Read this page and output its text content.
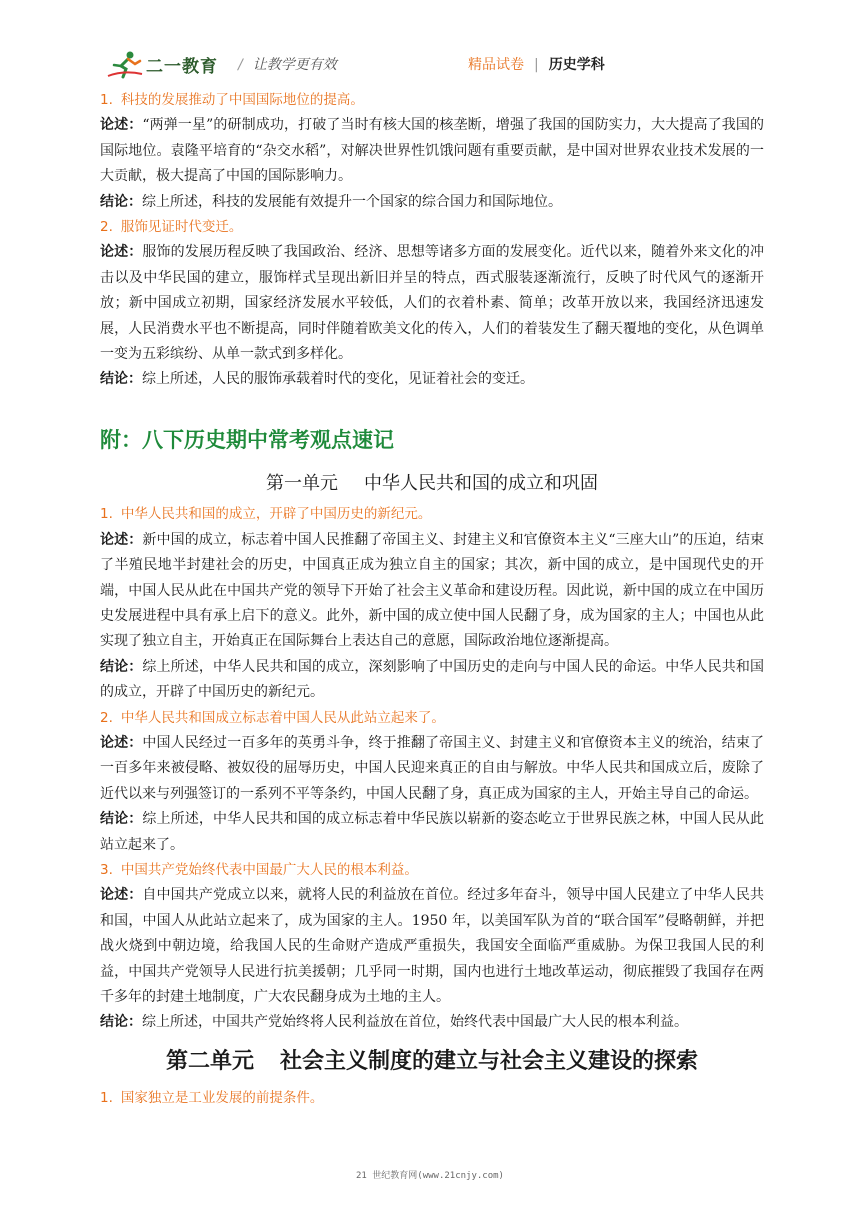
二一教育 / 让教学更有效	精品试卷 | 历史学科

1. 科技的发展推动了中国国际地位的提高。

论述：“两弹一星”的研制成功，打破了当时有核大国的核垄断，增强了我国的国防实力，大大提高了我国的国际地位。袁隆平培育的“杂交水稻”，对解决世界性饥饿问题有重要贡献，是中国对世界农业技术发展的一大贡献，极大提高了中国的国际影响力。

结论：综上所述，科技的发展能有效提升一个国家的综合国力和国际地位。

2. 服饰见证时代变迁。

论述：服饰的发展历程反映了我国政治、经济、思想等诸多方面的发展变化。近代以来，随着外来文化的冲击以及中华民国的建立，服饰样式呈现出新旧并呈的特点，西式服装逐渐流行，反映了时代风气的逐渐开放；新中国成立初期，国家经济发展水平较低，人们的衣着朴素、简单；改革开放以来，我国经济迅速发展，人民消费水平也不断提高，同时伴随着欧美文化的传入，人们的着装发生了翻天覆地的变化，从色调单一变为五彩缤纷、从单一款式到多样化。

结论：综上所述，人民的服饰承载着时代的变化，见证着社会的变迁。

附：八下历史期中常考观点速记
第一单元 中华人民共和国的成立和巩固

1. 中华人民共和国的成立，开辟了中国历史的新纪元。

论述：新中国的成立，标志着中国人民推翻了帝国主义、封建主义和官僚资本主义“三座大山”的压迫，结束了半殖民地半封建社会的历史，中国真正成为独立自主的国家；其次，新中国的成立，是中国现代史的开端，中国人民从此在中国共产党的领导下开始了社会主义革命和建设历程。因此说，新中国的成立在中国历史发展进程中具有承上启下的意义。此外，新中国的成立使中国人民翻了身，成为国家的主人；中国也从此实现了独立自主，开始真正在国际舞台上表达自己的意愿，国际政治地位逐渐提高。

结论：综上所述，中华人民共和国的成立，深刻影响了中国历史的走向与中国人民的命运。中华人民共和国的成立，开辟了中国历史的新纪元。

2. 中华人民共和国成立标志着中国人民从此站立起来了。

论述：中国人民经过一百多年的英勇斗争，终于推翻了帝国主义、封建主义和官僚资本主义的统治，结束了一百多年来被侵略、被奴役的屈辱历史，中国人民迎来真正的自由与解放。中华人民共和国成立后，废除了近代以来与列强签订的一系列不平等条约，中国人民翻了身，真正成为国家的主人，开始主导自己的命运。

结论：综上所述，中华人民共和国的成立标志着中华民族以崭新的姿态屹立于世界民族之林，中国人民从此站立起来了。

3. 中国共产党始终代表中国最广大人民的根本利益。

论述：自中国共产党成立以来，就将人民的利益放在首位。经过多年奋斗，领导中国人民建立了中华人民共和国，中国人从此站立起来了，成为国家的主人。1950 年，以美国军队为首的“联合国军”侵略朝鲜，并把战火烧到中朝边境，给我国人民的生命财产造成严重损失，我国安全面临严重威胁。为保卫我国人民的利益，中国共产党领导人民进行抗美援朝；几乎同一时期，国内也进行土地改革运动，彻底摧毁了我国存在两千多年的封建土地制度，广大农民翻身成为土地的主人。

结论：综上所述，中国共产党始终将人民利益放在首位，始终代表中国最广大人民的根本利益。

第二单元 社会主义制度的建立与社会主义建设的探索

1. 国家独立是工业发展的前提条件。

21 世纪教育网(www.21cnjy.com)
